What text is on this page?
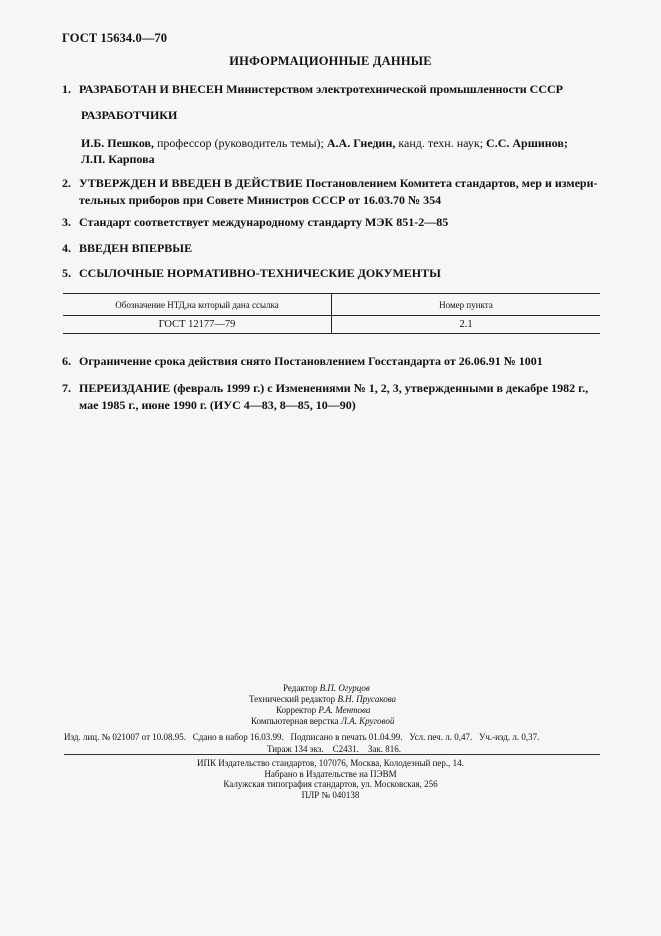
ГОСТ 15634.0—70
ИНФОРМАЦИОННЫЕ ДАННЫЕ
1. РАЗРАБОТАН И ВНЕСЕН Министерством электротехнической промышленности СССР
РАЗРАБОТЧИКИ
И.Б. Пешков, профессор (руководитель темы); А.А. Гнедин, канд. техн. наук; С.С. Аршинов;
Л.П. Карпова
2. УТВЕРЖДЕН И ВВЕДЕН В ДЕЙСТВИЕ Постановлением Комитета стандартов, мер и измери-
тельных приборов при Совете Министров СССР от 16.03.70 № 354
3. Стандарт соответствует международному стандарту МЭК 851-2—85
4. ВВЕДЕН ВПЕРВЫЕ
5. ССЫЛОЧНЫЕ НОРМАТИВНО-ТЕХНИЧЕСКИЕ ДОКУМЕНТЫ
Обозначение НТД,на который дана ссылка	Номер пункта
ГОСТ 12177—79	2.1
6. Ограничение срока действия снято Постановлением Госстандарта от 26.06.91 № 1001
7. ПЕРЕИЗДАНИЕ (февраль 1999 г.) с Изменениями № 1, 2, 3, утвержденными в декабре 1982 г.,
мае 1985 г., июне 1990 г. (ИУС 4—83, 8—85, 10—90)
Редактор В.П. Огурцов
Технический редактор В.Н. Прусакова
Корректор Р.А. Ментова
Компьютерная верстка Л.А. Круговой
Изд. лиц. № 021007 от 10.08.95.   Сдано в набор 16.03.99.   Подписано в печать 01.04.99.   Усл. печ. л. 0,47.   Уч.-изд. л. 0,37.
Тираж 134 экз.    С2431.    Зак. 816.
ИПК Издательство стандартов, 107076, Москва, Колодезный пер., 14.
Набрано в Издательстве на ПЭВМ
Калужская типография стандартов, ул. Московская, 256
ПЛР № 040138
